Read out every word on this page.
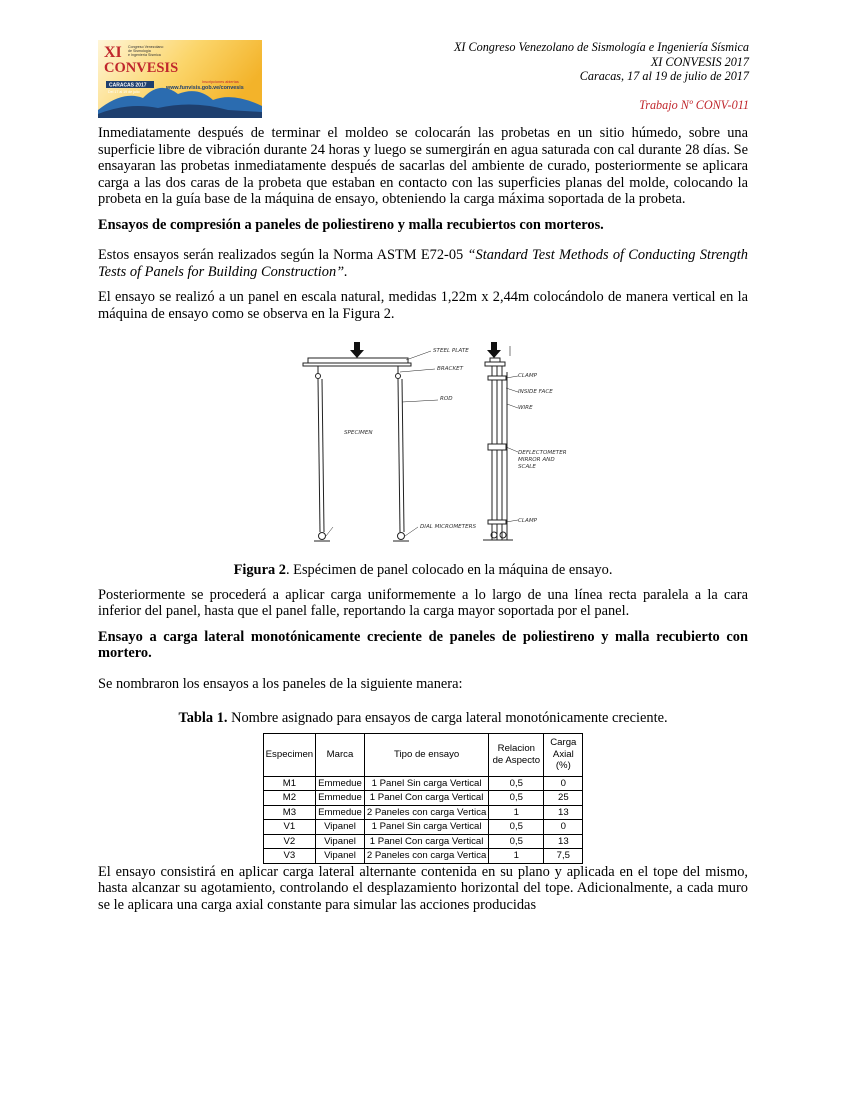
XI
CONVESIS
Congreso Venezolano
de Sismología
e Ingeniería Sísmica
CARACAS 2017
Del 17 al 19 de julio
Inscripciones abiertas
www.funvisis.gob.ve/convesis
XI Congreso Venezolano de Sismología e Ingeniería Sísmica
XI CONVESIS 2017
Caracas, 17 al 19 de julio de 2017
Trabajo Nº CONV-011

Inmediatamente después de terminar el moldeo se colocarán las probetas en un sitio húmedo, sobre una superficie libre de vibración durante 24 horas y luego se sumergirán en agua saturada con cal durante 28 días. Se ensayaran las probetas inmediatamente después de sacarlas del ambiente de curado, posteriormente se aplicara carga a las dos caras de la probeta que estaban en contacto con las superficies planas del molde, colocando la probeta en la guía base de la máquina de ensayo, obteniendo la carga máxima soportada de la probeta.

Ensayos de compresión a paneles de poliestireno y malla recubiertos con morteros.

Estos ensayos serán realizados según la Norma ASTM E72-05 “Standard Test Methods of Conducting Strength Tests of Panels for Building Construction”.

El ensayo se realizó a un panel en escala natural, medidas 1,22m x 2,44m colocándolo de manera vertical en la máquina de ensayo como se observa en la Figura 2.

STEEL PLATE
BRACKET
ROD
SPECIMEN
DIAL MICROMETERS
CLAMP
INSIDE FACE
WIRE
DEFLECTOMETER
MIRROR AND
SCALE
CLAMP
Figura 2. Espécimen de panel colocado en la máquina de ensayo.

Posteriormente se procederá a aplicar carga uniformemente a lo largo de una línea recta paralela a la cara inferior del panel, hasta que el panel falle, reportando la carga mayor soportada por el panel.

Ensayo a carga lateral monotónicamente creciente de paneles de poliestireno y malla recubierto con mortero.

Se nombraron los ensayos a los paneles de la siguiente manera:

Tabla 1. Nombre asignado para ensayos de carga lateral monotónicamente creciente.
Especimen	Marca	Tipo de ensayo	Relacion de Aspecto	Carga Axial (%)
M1	Emmedue	1 Panel Sin carga Vertical	0,5	0
M2	Emmedue	1 Panel Con carga Vertical	0,5	25
M3	Emmedue	2 Paneles con carga Vertica	1	13
V1	Vipanel	1 Panel Sin carga Vertical	0,5	0
V2	Vipanel	1 Panel Con carga Vertical	0,5	13
V3	Vipanel	2 Paneles con carga Vertica	1	7,5

El ensayo consistirá en aplicar carga lateral alternante contenida en su plano y aplicada en el tope del mismo, hasta alcanzar su agotamiento, controlando el desplazamiento horizontal del tope. Adicionalmente, a cada muro se le aplicara una carga axial constante para simular las acciones producidas
